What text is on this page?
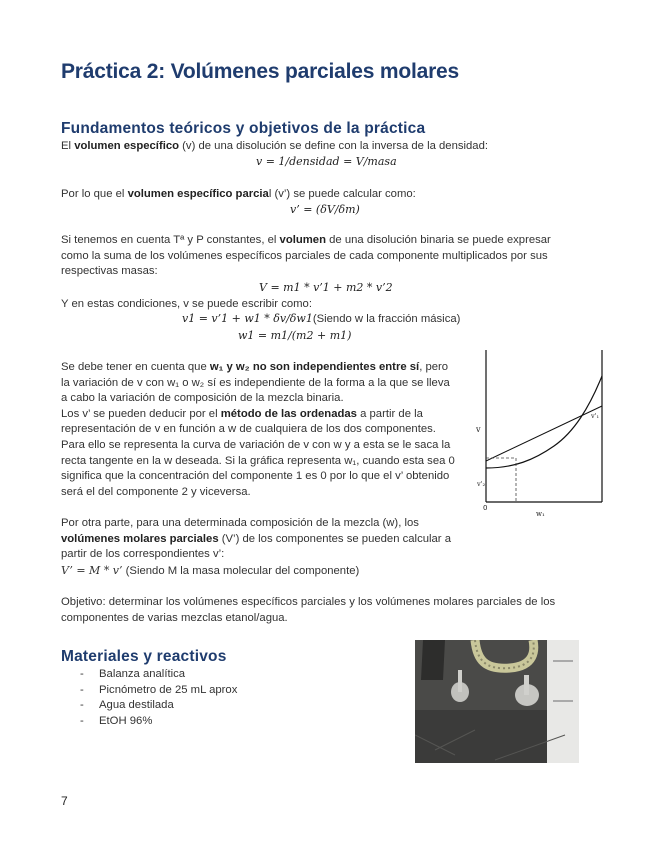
Práctica 2: Volúmenes parciales molares
Fundamentos teóricos y objetivos de la práctica
El volumen específico (v) de una disolución se define con la inversa de la densidad:
v = 1/densidad = V/masa
Por lo que el volumen específico parcial (v’) se puede calcular como:
v’ = (δV/δm)
Si tenemos en cuenta Tª y P constantes, el volumen de una disolución binaria se puede expresar como la suma de los volúmenes específicos parciales de cada componente multiplicados por sus respectivas masas:
V = m1 * v’1 + m2 * v’2
Y en estas condiciones, v se puede escribir como:
v1 = v’1 + w1 * δv/δw1(Siendo w la fracción másica)
w1 = m1/(m2 + m1)
Se debe tener en cuenta que w₁ y w₂ no son independientes entre sí, pero la variación de v con w₁ o w₂ sí es independiente de la forma a la que se lleva a cabo la variación de composición de la mezcla binaria.
Los v’ se pueden deducir por el método de las ordenadas a partir de la representación de v en función a w de cualquiera de los dos componentes. Para ello se representa la curva de variación de v con w y a esta se le saca la recta tangente en la w deseada. Si la gráfica representa w₁, cuando esta sea 0 significa que la concentración del componente 1 es 0 por lo que el v’ obtenido será el del componente 2 y viceversa.
v
w₁
0
v'₁
v'₂
Por otra parte, para una determinada composición de la mezcla (w), los volúmenes molares parciales (V’) de los componentes se pueden calcular a partir de los correspondientes v’:
V’ = M * v’ (Siendo M la masa molecular del componente)
Objetivo: determinar los volúmenes específicos parciales y los volúmenes molares parciales de los componentes de varias mezclas etanol/agua.
Materiales y reactivos
- Balanza analítica
- Picnómetro de 25 mL aprox
- Agua destilada
- EtOH 96%
7
